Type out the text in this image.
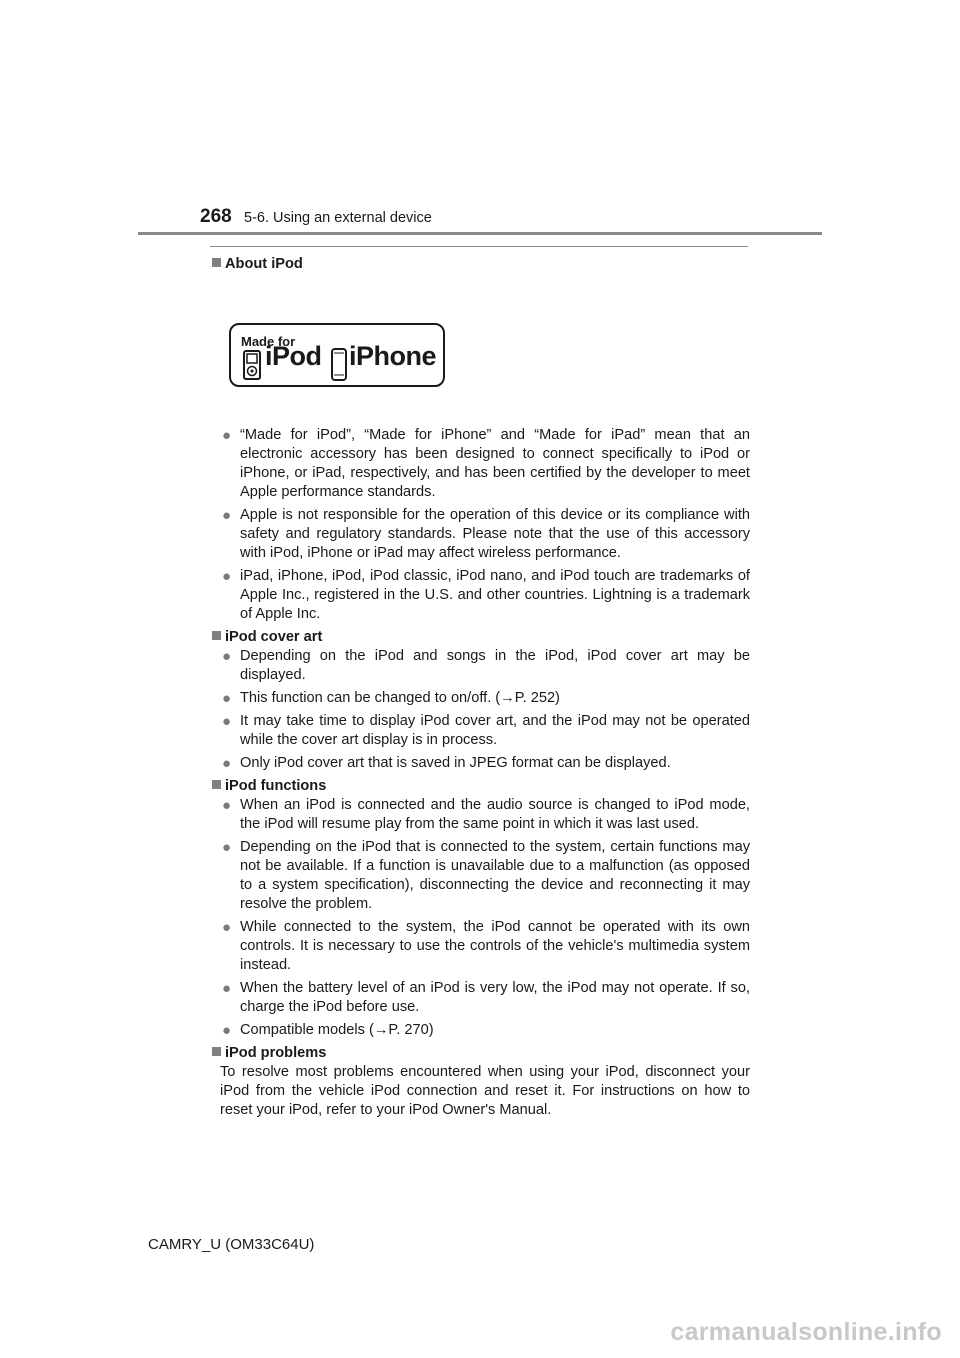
268 5-6. Using an external device

About iPod

Made for
iPod iPhone

● “Made for iPod”, “Made for iPhone” and “Made for iPad” mean that an electronic accessory has been designed to connect specifically to iPod or iPhone, or iPad, respectively, and has been certified by the developer to meet Apple performance standards.

● Apple is not responsible for the operation of this device or its compliance with safety and regulatory standards. Please note that the use of this accessory with iPod, iPhone or iPad may affect wireless performance.

● iPad, iPhone, iPod, iPod classic, iPod nano, and iPod touch are trademarks of Apple Inc., registered in the U.S. and other countries. Lightning is a trademark of Apple Inc.

iPod cover art

● Depending on the iPod and songs in the iPod, iPod cover art may be displayed.

● This function can be changed to on/off. (→P. 252)

● It may take time to display iPod cover art, and the iPod may not be operated while the cover art display is in process.

● Only iPod cover art that is saved in JPEG format can be displayed.

iPod functions

● When an iPod is connected and the audio source is changed to iPod mode, the iPod will resume play from the same point in which it was last used.

● Depending on the iPod that is connected to the system, certain functions may not be available. If a function is unavailable due to a malfunction (as opposed to a system specification), disconnecting the device and reconnecting it may resolve the problem.

● While connected to the system, the iPod cannot be operated with its own controls. It is necessary to use the controls of the vehicle's multimedia system instead.

● When the battery level of an iPod is very low, the iPod may not operate. If so, charge the iPod before use.

● Compatible models (→P. 270)

iPod problems

To resolve most problems encountered when using your iPod, disconnect your iPod from the vehicle iPod connection and reset it. For instructions on how to reset your iPod, refer to your iPod Owner's Manual.

CAMRY_U (OM33C64U)
carmanualsonline.info
